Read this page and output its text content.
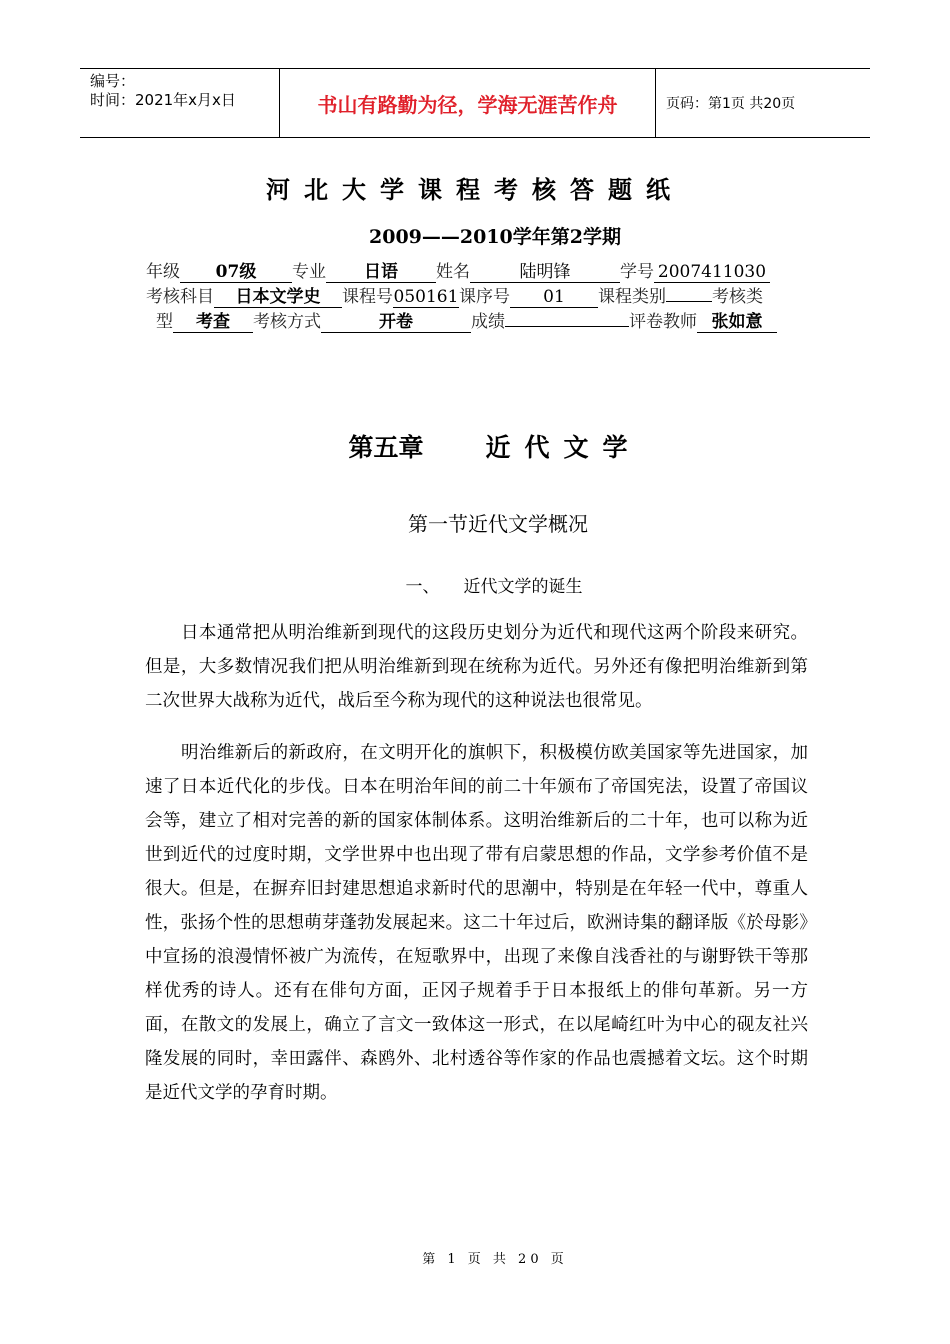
编号：
时间：2021年x月x日	书山有路勤为径，学海无涯苦作舟	页码：第1页 共20页
河北大学课程考核答题纸
2009——2010学年第2学期
年级 07级 专业 日语 姓名	陆明锋	学号 2007411030
考核科目 日本文学史 课程号050161课序号 01 课程类别	考核类
型 考查 考核方式	开卷	成绩	评卷教师 张如意
第五章 近代文学
第一节近代文学概况
一、 近代文学的诞生

日本通常把从明治维新到现代的这段历史划分为近代和现代这两个阶段来研究。但是，大多数情况我们把从明治维新到现在统称为近代。另外还有像把明治维新到第二次世界大战称为近代，战后至今称为现代的这种说法也很常见。

明治维新后的新政府，在文明开化的旗帜下，积极模仿欧美国家等先进国家，加速了日本近代化的步伐。日本在明治年间的前二十年颁布了帝国宪法，设置了帝国议会等，建立了相对完善的新的国家体制体系。这明治维新后的二十年，也可以称为近世到近代的过度时期，文学世界中也出现了带有启蒙思想的作品，文学参考价值不是很大。但是，在摒弃旧封建思想追求新时代的思潮中，特别是在年轻一代中，尊重人性，张扬个性的思想萌芽蓬勃发展起来。这二十年过后，欧洲诗集的翻译版《於母影》中宣扬的浪漫情怀被广为流传，在短歌界中，出现了来像自浅香社的与谢野铁干等那样优秀的诗人。还有在俳句方面，正冈子规着手于日本报纸上的俳句革新。另一方面，在散文的发展上，确立了言文一致体这一形式，在以尾崎红叶为中心的砚友社兴隆发展的同时，幸田露伴、森鸥外、北村透谷等作家的作品也震撼着文坛。这个时期是近代文学的孕育时期。

第 1 页 共 20 页
